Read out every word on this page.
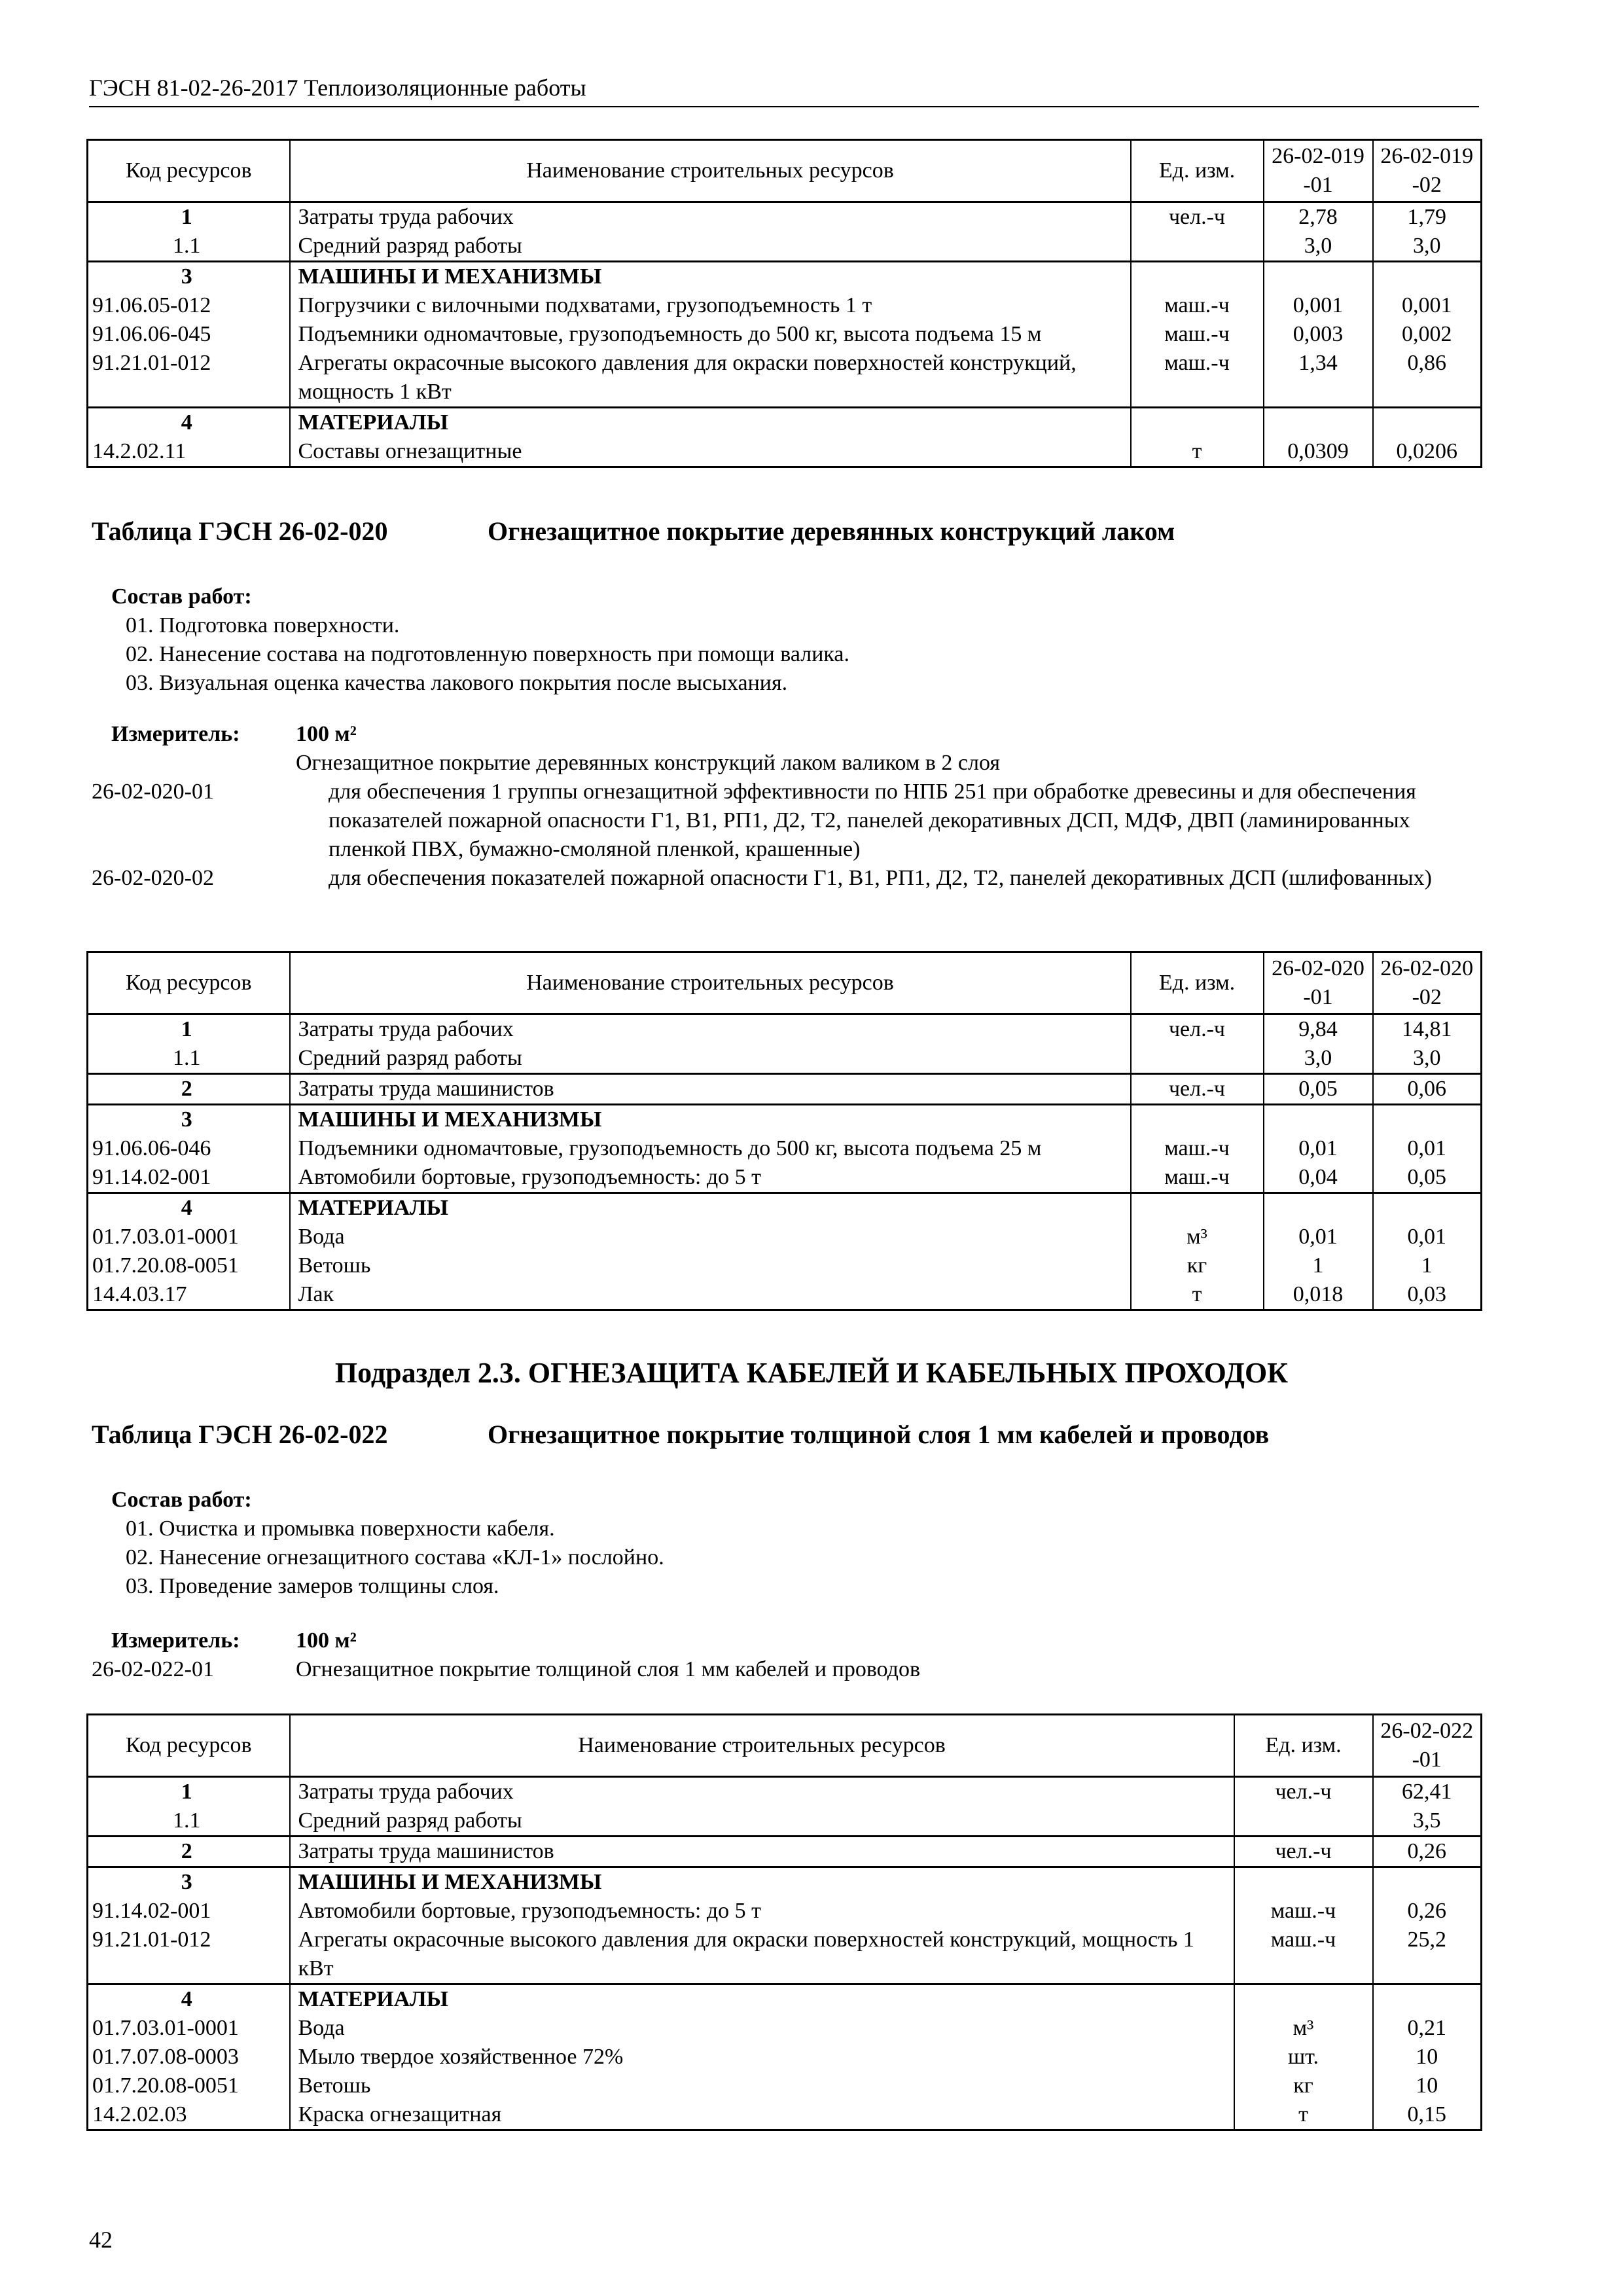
ГЭСН 81-02-26-2017 Теплоизоляционные работы
Код ресурсов	Наименование строительных ресурсов	Ед. изм.	26-02-019-01	26-02-019-02
1	Затраты труда рабочих	чел.-ч	2,78	1,79
1.1	Средний разряд работы		3,0	3,0
3	МАШИНЫ И МЕХАНИЗМЫ			
91.06.05-012	Погрузчики с вилочными подхватами, грузоподъемность 1 т	маш.-ч	0,001	0,001
91.06.06-045	Подъемники одномачтовые, грузоподъемность до 500 кг, высота подъема 15 м	маш.-ч	0,003	0,002
91.21.01-012	Агрегаты окрасочные высокого давления для окраски поверхностей конструкций, мощность 1 кВт	маш.-ч	1,34	0,86
4	МАТЕРИАЛЫ			
14.2.02.11	Составы огнезащитные	т	0,0309	0,0206
Таблица ГЭСН 26-02-020	Огнезащитное покрытие деревянных конструкций лаком
Состав работ:
01. Подготовка поверхности.
02. Нанесение состава на подготовленную поверхность при помощи валика.
03. Визуальная оценка качества лакового покрытия после высыхания.
Измеритель:	100 м²
Огнезащитное покрытие деревянных конструкций лаком валиком в 2 слоя
26-02-020-01	для обеспечения 1 группы огнезащитной эффективности по НПБ 251 при обработке древесины и для обеспечения показателей пожарной опасности Г1, В1, РП1, Д2, Т2, панелей декоративных ДСП, МДФ, ДВП (ламинированных пленкой ПВХ, бумажно-смоляной пленкой, крашенные)
26-02-020-02	для обеспечения показателей пожарной опасности Г1, В1, РП1, Д2, Т2, панелей декоративных ДСП (шлифованных)
Код ресурсов	Наименование строительных ресурсов	Ед. изм.	26-02-020-01	26-02-020-02
1	Затраты труда рабочих	чел.-ч	9,84	14,81
1.1	Средний разряд работы		3,0	3,0
2	Затраты труда машинистов	чел.-ч	0,05	0,06
3	МАШИНЫ И МЕХАНИЗМЫ			
91.06.06-046	Подъемники одномачтовые, грузоподъемность до 500 кг, высота подъема 25 м	маш.-ч	0,01	0,01
91.14.02-001	Автомобили бортовые, грузоподъемность: до 5 т	маш.-ч	0,04	0,05
4	МАТЕРИАЛЫ			
01.7.03.01-0001	Вода	м³	0,01	0,01
01.7.20.08-0051	Ветошь	кг	1	1
14.4.03.17	Лак	т	0,018	0,03
Подраздел 2.3. ОГНЕЗАЩИТА КАБЕЛЕЙ И КАБЕЛЬНЫХ ПРОХОДОК
Таблица ГЭСН 26-02-022	Огнезащитное покрытие толщиной слоя 1 мм кабелей и проводов
Состав работ:
01. Очистка и промывка поверхности кабеля.
02. Нанесение огнезащитного состава «КЛ-1» послойно.
03. Проведение замеров толщины слоя.
Измеритель:	100 м²
26-02-022-01	Огнезащитное покрытие толщиной слоя 1 мм кабелей и проводов
Код ресурсов	Наименование строительных ресурсов	Ед. изм.	26-02-022-01
1	Затраты труда рабочих	чел.-ч	62,41
1.1	Средний разряд работы		3,5
2	Затраты труда машинистов	чел.-ч	0,26
3	МАШИНЫ И МЕХАНИЗМЫ		
91.14.02-001	Автомобили бортовые, грузоподъемность: до 5 т	маш.-ч	0,26
91.21.01-012	Агрегаты окрасочные высокого давления для окраски поверхностей конструкций, мощность 1 кВт	маш.-ч	25,2
4	МАТЕРИАЛЫ		
01.7.03.01-0001	Вода	м³	0,21
01.7.07.08-0003	Мыло твердое хозяйственное 72%	шт.	10
01.7.20.08-0051	Ветошь	кг	10
14.2.02.03	Краска огнезащитная	т	0,15
42
